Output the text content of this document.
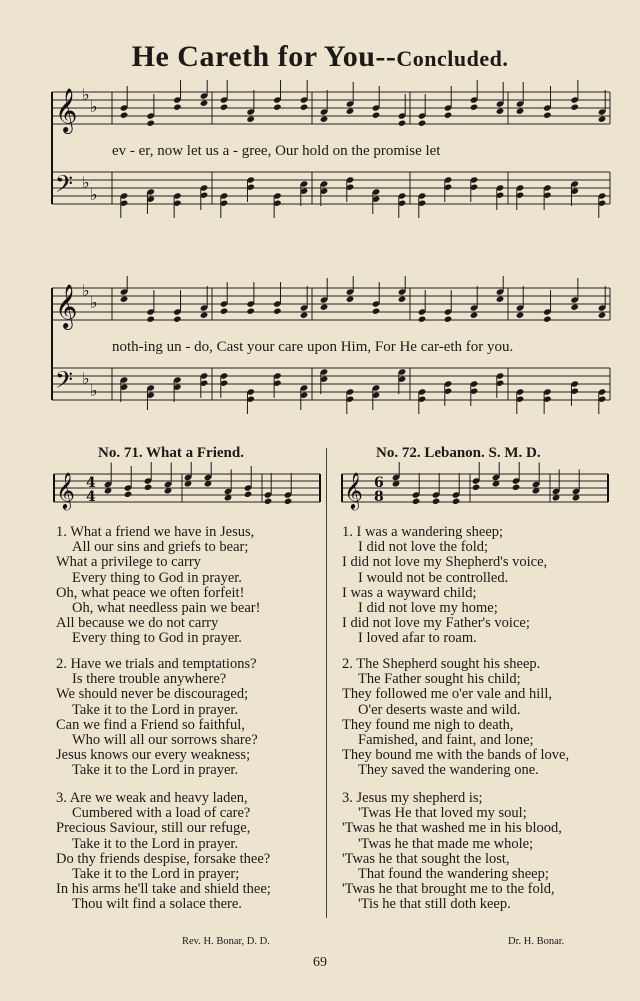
He Careth for You--Concluded.
𝄞
𝄢
♭
♭
♭
♭
ev - er, now let us a - gree, Our hold on the promise let
𝄞
𝄢
♭
♭
♭
♭
noth-ing un - do, Cast your care upon Him, For He car-eth for you.
No. 71. What a Friend.
𝄞 4
4
No. 72. Lebanon. S. M. D.
𝄞 6
8
1. What a friend we have in Jesus,
All our sins and griefs to bear;
What a privilege to carry
Every thing to God in prayer.
Oh, what peace we often forfeit!
Oh, what needless pain we bear!
All because we do not carry
Every thing to God in prayer.
2. Have we trials and temptations?
Is there trouble anywhere?
We should never be discouraged;
Take it to the Lord in prayer.
Can we find a Friend so faithful,
Who will all our sorrows share?
Jesus knows our every weakness;
Take it to the Lord in prayer.
3. Are we weak and heavy laden,
Cumbered with a load of care?
Precious Saviour, still our refuge,
Take it to the Lord in prayer.
Do thy friends despise, forsake thee?
Take it to the Lord in prayer;
In his arms he'll take and shield thee;
Thou wilt find a solace there.
Rev. H. Bonar, D. D.
1. I was a wandering sheep;
I did not love the fold;
I did not love my Shepherd's voice,
I would not be controlled.
I was a wayward child;
I did not love my home;
I did not love my Father's voice;
I loved afar to roam.
2. The Shepherd sought his sheep.
The Father sought his child;
They followed me o'er vale and hill,
O'er deserts waste and wild.
They found me nigh to death,
Famished, and faint, and lone;
They bound me with the bands of love,
They saved the wandering one.
3. Jesus my shepherd is;
'Twas He that loved my soul;
'Twas he that washed me in his blood,
'Twas he that made me whole;
'Twas he that sought the lost,
That found the wandering sheep;
'Twas he that brought me to the fold,
'Tis he that still doth keep.
Dr. H. Bonar.
69
